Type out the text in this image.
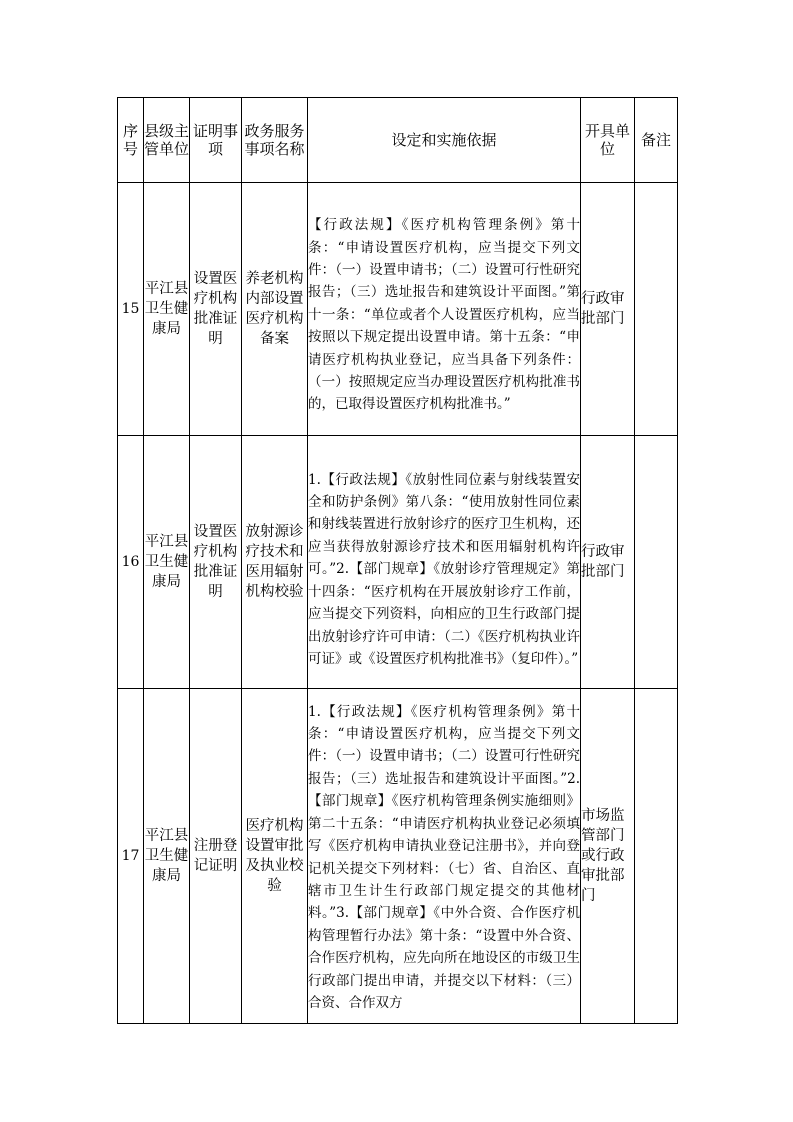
序号	县级主管单位	证明事项	政务服务事项名称	设定和实施依据	开具单位	备注
15	平江县卫生健康局	设置医疗机构批准证明	养老机构内部设置医疗机构备案	【行政法规】《医疗机构管理条例》第十条：“申请设置医疗机构，应当提交下列文件：（一）设置申请书；（二）设置可行性研究报告；（三）选址报告和建筑设计平面图。”第十一条：“单位或者个人设置医疗机构，应当按照以下规定提出设置申请。第十五条：“申请医疗机构执业登记，应当具备下列条件：（一）按照规定应当办理设置医疗机构批准书的，已取得设置医疗机构批准书。”	行政审批部门	
16	平江县卫生健康局	设置医疗机构批准证明	放射源诊疗技术和医用辐射机构校验	1.【行政法规】《放射性同位素与射线装置安全和防护条例》第八条：“使用放射性同位素和射线装置进行放射诊疗的医疗卫生机构，还应当获得放射源诊疗技术和医用辐射机构许可。”2.【部门规章】《放射诊疗管理规定》第十四条：“医疗机构在开展放射诊疗工作前，应当提交下列资料，向相应的卫生行政部门提出放射诊疗许可申请：（二）《医疗机构执业许可证》或《设置医疗机构批准书》（复印件）。”	行政审批部门	
17	平江县卫生健康局	注册登记证明	医疗机构设置审批及执业校验	1.【行政法规】《医疗机构管理条例》第十条：“申请设置医疗机构，应当提交下列文件：（一）设置申请书；（二）设置可行性研究报告；（三）选址报告和建筑设计平面图。”2.【部门规章】《医疗机构管理条例实施细则》第二十五条：“申请医疗机构执业登记必须填写《医疗机构申请执业登记注册书》，并向登记机关提交下列材料：（七）省、自治区、直辖市卫生计生行政部门规定提交的其他材料。”3.【部门规章】《中外合资、合作医疗机构管理暂行办法》第十条：“设置中外合资、合作医疗机构，应先向所在地设区的市级卫生行政部门提出申请，并提交以下材料：（三）合资、合作双方	市场监管部门或行政审批部门	
